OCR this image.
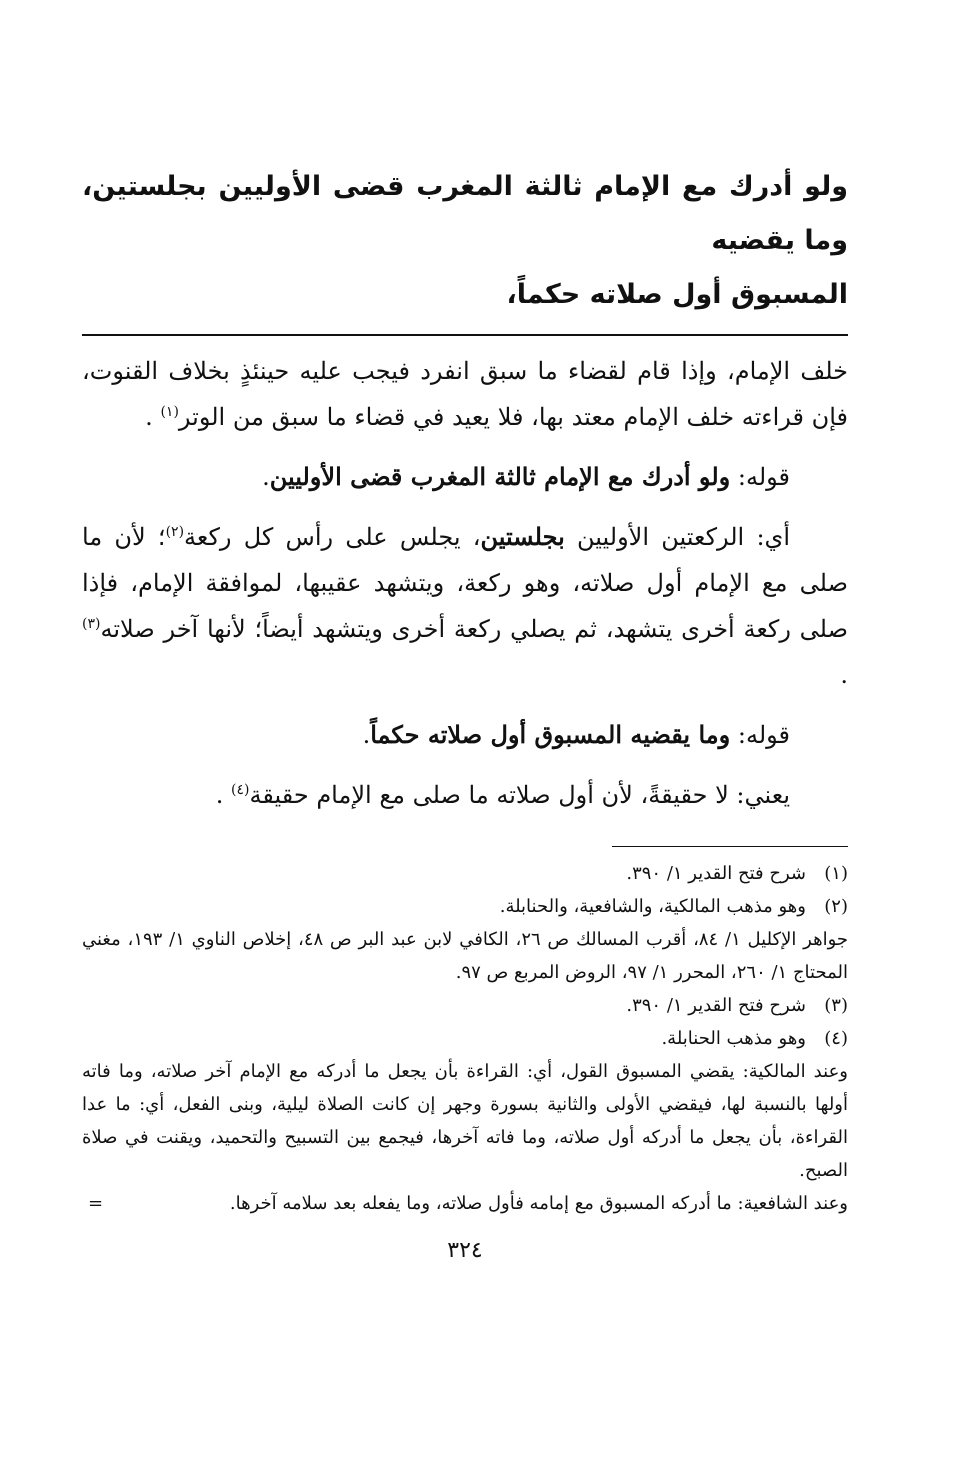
ولو أدرك مع الإمام ثالثة المغرب قضى الأوليين بجلستين، وما يقضيه
المسبوق أول صلاته حكماً،

خلف الإمام، وإذا قام لقضاء ما سبق انفرد فيجب عليه حينئذٍ بخلاف القنوت، فإن قراءته خلف الإمام معتد بها، فلا يعيد في قضاء ما سبق من الوتر$^{(١)}$ .

قوله: ولو أدرك مع الإمام ثالثة المغرب قضى الأوليين.

أي: الركعتين الأوليين بجلستين، يجلس على رأس كل ركعة$^{(٢)}$؛ لأن ما صلى مع الإمام أول صلاته، وهو ركعة، ويتشهد عقيبها، لموافقة الإمام، فإذا صلى ركعة أخرى يتشهد، ثم يصلي ركعة أخرى ويتشهد أيضاً؛ لأنها آخر صلاته$^{(٣)}$ .

قوله: وما يقضيه المسبوق أول صلاته حكماً.

يعني: لا حقيقةً، لأن أول صلاته ما صلى مع الإمام حقيقة$^{(٤)}$ .

(١)
شرح فتح القدير ١/ ٣٩٠.
(٢)
وهو مذهب المالكية، والشافعية، والحنابلة.

جواهر الإكليل ١/ ٨٤، أقرب المسالك ص ٢٦، الكافي لابن عبد البر ص ٤٨، إخلاص الناوي ١/ ١٩٣، مغني المحتاج ١/ ٢٦٠، المحرر ١/ ٩٧، الروض المربع ص ٩٧.

(٣)
شرح فتح القدير ١/ ٣٩٠.
(٤)
وهو مذهب الحنابلة.

وعند المالكية: يقضي المسبوق القول، أي: القراءة بأن يجعل ما أدركه مع الإمام آخر صلاته، وما فاته أولها بالنسبة لها، فيقضي الأولى والثانية بسورة وجهر إن كانت الصلاة ليلية، وبنى الفعل، أي: ما عدا القراءة، بأن يجعل ما أدركه أول صلاته، وما فاته آخرها، فيجمع بين التسبيح والتحميد، ويقنت في صلاة الصبح.

وعند الشافعية: ما أدركه المسبوق مع إمامه فأول صلاته، وما يفعله بعد سلامه آخرها.
=
٣٢٤
